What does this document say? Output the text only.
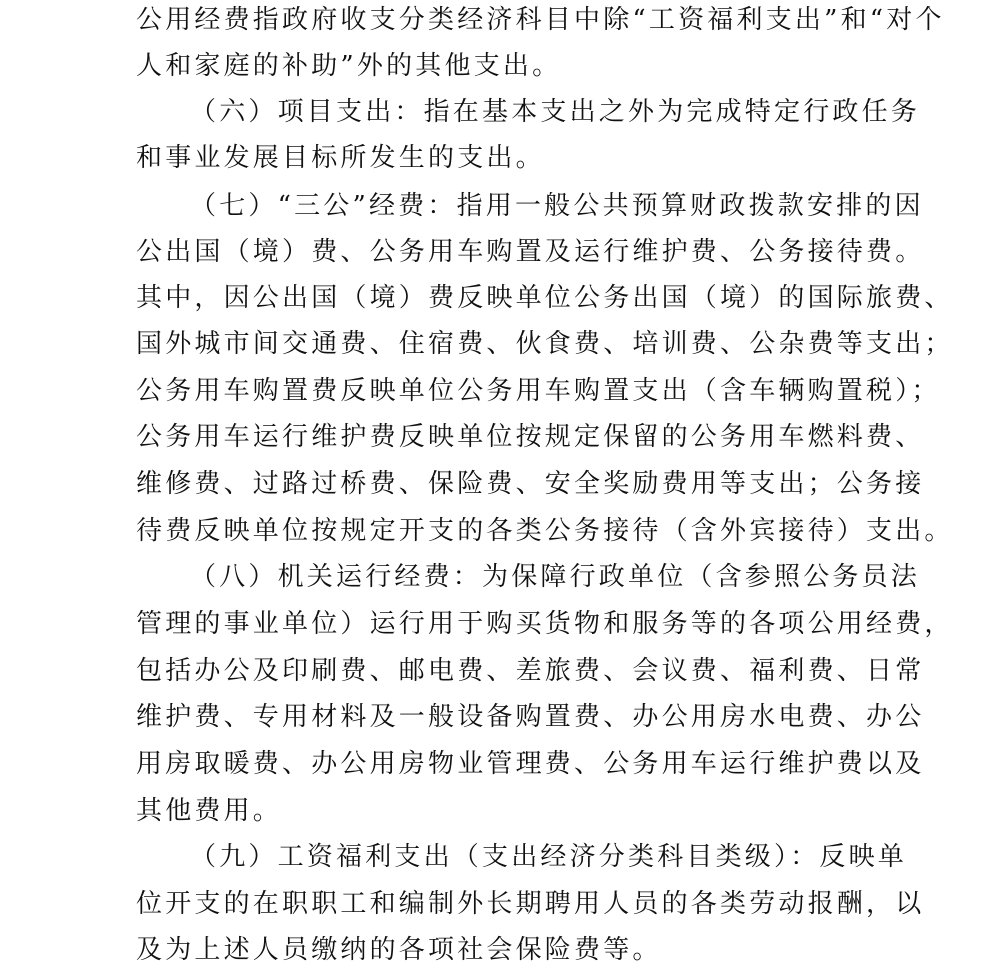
公用经费指政府收支分类经济科目中除“工资福利支出”和“对个
人和家庭的补助”外的其他支出。
（六）项目支出：指在基本支出之外为完成特定行政任务
和事业发展目标所发生的支出。
（七）“三公”经费：指用一般公共预算财政拨款安排的因
公出国（境）费、公务用车购置及运行维护费、公务接待费。
其中，因公出国（境）费反映单位公务出国（境）的国际旅费、
国外城市间交通费、住宿费、伙食费、培训费、公杂费等支出；
公务用车购置费反映单位公务用车购置支出（含车辆购置税）；
公务用车运行维护费反映单位按规定保留的公务用车燃料费、
维修费、过路过桥费、保险费、安全奖励费用等支出；公务接
待费反映单位按规定开支的各类公务接待（含外宾接待）支出。
（八）机关运行经费：为保障行政单位（含参照公务员法
管理的事业单位）运行用于购买货物和服务等的各项公用经费，
包括办公及印刷费、邮电费、差旅费、会议费、福利费、日常
维护费、专用材料及一般设备购置费、办公用房水电费、办公
用房取暖费、办公用房物业管理费、公务用车运行维护费以及
其他费用。
（九）工资福利支出（支出经济分类科目类级）：反映单
位开支的在职职工和编制外长期聘用人员的各类劳动报酬，以
及为上述人员缴纳的各项社会保险费等。
